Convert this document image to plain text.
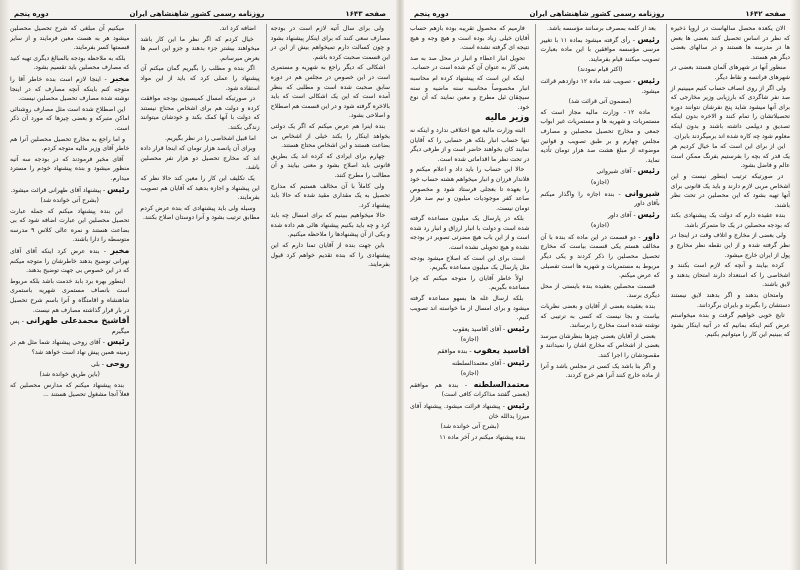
صفحه ۱۶۴۳
روزنامه رسمی کشور شاهنشاهی ایران
دوره پنجم
ولی برای سال آتیه لازم است در بودجه مصارف سعی کنند که برای اینکار پیشنهاد بشود و چون کسالت دارم تمیخواهم بیش از این در این قسمت صحبت کرده باشم.
اشکالی که دیگر راجع به شهریه و مستمری است در این خصوص در مجلس هم در دوره سابق صحبت شده است و مطلبی که بنظر آمده است که این یک اشکالی است که باید بالاخره گرفته شود و در این قسمت هم اصطلاح و اصلاحی بشود.
بنده اینرا هم عرض میکنم که اگر یک دولتی بخواهد اینکار را بکند خیلی از اشخاص بی بضاعت هستند و این اشخاص محتاج هستند.
چهارم برای ایرادی که کرده اند یک بطریق قانونی باید اصلاح بشود و معنی بیایند و آن مطالب را مطرح کنند.
ولی کاملاً با آن مخالف هستیم که مدارج تحصیل به یک مقداری مقید شده که حالا باید پیشنهاد کرد.
حالا میخواهیم ببینیم که برای امسال چه باید کرد و چه باید بکنیم پیشنهاد هائی هم داده شده و یکی از آن پیشنهادها را ملاحظه میکنیم.
باین جهت بنده از آقایان تمنا دارم که این پیشنهادی را که بنده تقدیم خواهم کرد قبول بفرمایند.
اضافه کرد اند.
خیال کردم که اگر نظر ما این کار باشد میخواهند بیشتر جزء بدهند و جزو این اسم ها بعرض میرسانم.
اگر بنده و مطلب را بگیریم گمان میکنم آن پیشنهاد را عملی کرد که باید از این مواد استفاده شود.
در صورتیکه امسال کمیسیون بودجه موافقت کرده و دولت هم برای اشخاص محتاج نیستند که دولت با آنها کمک بکند و خودشان میتوانند زندگی بکنند.
اما قبیل اشخاصی را در نظر بگیریم.
وبرای آن پانصد هزار تومان که اینجا قرار داده اند که مخارج تحصیل دو هزار نفر محصلین باشد.
یک تکلیف این کار را معین کند حالا نظر که این پیشنهاد و اجازه بدهید که آقایان هم تصویب بفرمایند.
وسیله ولی باید پیشنهادی که بنده عرض کردم مطابق ترتیب بشود و آنرا دوستان اصلاح بکنند.
میکنیم آن مبلغی که شرح تحصیل محصلین میشود هر به هست معین فرمایند و از سایر قسمتها کسر بفرمایند.
بلکه به ملاحظه بودجه بالمبالغ دیگری تهیه کنید که مصارف محصلین باید تقسیم بشود.
مخبر - اینجا لازم است بنده خاطر آقا را متوجه کنم باینکه آنچه مصارف که در اینجا نوشته شده مصارف تحصیل محصلین نیست.
این اصطلاح شده است مثل مصارف روشنائی اماکن متبرکه و بعضی چیزها که مورد آن ذکر است.
و اما راجع به مخارج تحصیل محصلین آنرا هم خاطر آقای وزیر مالیه متوجه کردم.
آقای مخبر فرمودند که در بودجه سه آتیه منظور میشود و بنده پیشنهاد خودم را مسترد میدارم.
رئیس - پیشنهاد آقای طهرانی قرائت میشود.
(بشرح آتی خوانده شد)
این بنده پیشنهاد میکنم که جمله عبارت تحصیل محصلین این عبارت اضافه شود که بی بضاعت هستند و نمره عالی کلاس ۹ مدرسه متوسطه را دارا باشند.
مخبر - بنده عرض کرد اینکه آقای آقای تهرانی توضیح بدهند خاطرشان را متوجه میکنم که در این خصوص بی جهت توضیح بدهند.
اینطور بهره برد بابد خدمت باشد بلکه مربوط است بانصاف مستمری شهریه باستمری شاهنشاه و اقامتگاه و آنرا باسم شرح تحصیل در بار قرار گذاشته مصارف هم نیست.
آقاشیخ محمدعلی طهرانی - پس میگیرم
رئیس - آقای روحی پیشنهاد شما مثل هم در زمینه همین پیش نهاد است خواهد شد؟
روحی - بلی
(باین طریق خوانده شد)
بنده پیشنهاد میکنم که مدارس محصلین که فعلاً آنجا مشغول تحصیل هستند ...
صفحه ۱۶۴۲
روزنامه رسمی کشور شاهنشاهی ایران
دوره پنجم
الان یکعده محصل سالهاست در اروپا ذخیره که نظر در اساس تحصیل کنند بعضی ها بعض ها در مدرسه ها هستند و در سالهای بعضی دیگر هم هستند.
منظور آنها در شهرهای آلمان هستند بعضی در شهرهای فرانسه و نقاط دیگر.
ولی اگر از روی انصاف حساب کنیم میبینیم از صد نفر شاگردی که بارزیابی وزیر مخارجی که برای آنها میشود شاید پنج نفرشان نتوانند دوره تحصیلاتشان را تمام کنند و الاخره بدون اینکه تصدیق و دیپلمی داشته باشند و بدون اینکه معلوم شود چه کاره شده اند برمیگردند بایران.
این از برای این است که ما خیال کردیم هر یک قدر که بچه را بفرستیم بفرنگ ممکن است عالم و فاضل بشود.
در صورتیکه ترتیب اینطور نیست و این اشخاص مربی لازم دارند و باید یک قانونی برای آنها تهیه بشود که این محصلین در تحت نظر باشند.
بنده عقیده دارم که دولت یک پیشنهادی بکند که بودجه محصلین در یک جا متمرکز باشد.
ولی بعضی از مخارج و اتلاف وقت در اینجا در نظر گرفته شده و از این نقطه نظر مخارج و پول از ایران خارج میشود.
کرده بیایند و آنچه که لازم است بکنند و اشخاصی را که استعداد دارند امتحان بدهند و لایق باشند.
وامتحان بدهند و اگر بدهند لایق نیستند دستشان را بگیرند و بایران برگردانند.
تایج خوبی خواهیم گرفت و بنده میخواستم عرض کنم اینکه بمانیم که در آتیه اینکار بشود که ببینیم این کار را میتوانیم بکنیم.
بعد از کلمه بمصرف برسانند مؤسسه باشد.
رئیس - رأی گرفته میشود بماده ۱۱ با تغییر مرسی مؤسسه موافقین با این ماده بعبارت تصویب میکنند قیام بفرمایند.
(اکثر قیام نمودند)
رئیس - تصویب شد ماده ۱۲ دوازدهم قرائت میشود.
(مضمون آتی قرائت شد)
ماده ۱۲ - وزارت مالیه مجاز است که مستمریات و شهریه ها و مستمریات غیر ابواب جمعی و مخارج تحصیل محصلین و مصارف مجلس چهارم و بر طبق تصویب و قوانین موضوعه از مبلغ هشت صد هزار تومان تأدیه نماید.
رئیس - آقای شیروانی
(اجازه)
شیروانی - بنده اجازه را واگذار میکنم بآقای داور
رئیس - آقای داور
(اجازه)
داور - دو قسمت در این ماده که بنده با آن مخالف هستم یکی قسمت بیاست که مخارج تحصیل محصلین را ذکر کردند و یکی دیگر مربوط به مستمریات و شهریه ها است تفصیلی که عرض میکنم.
قسمت محصلین بعقیده بنده بایستی از محل دیگری برسد.
بنده بعقیده بعضی از آقایان و بعضی نظریات بیاست و بجا نیست که کسی به ترتیبی که نوشته شده است مخارج را برسانند.
بعضی از آقایان بعضی چیزها بنظرشان میرسد بعضی از اشخاص که مخارج اشان را نمیدانند و مقصودشان را اجرا کنند.
و اگر بنا باشد یک کسی در مجلس باشد و آنرا از ماده خارج کنند آنرا هم خرج کردند.
فارمیم که محصول تقریبه بوده بازهم حساب آقایان خیلی زیاد بوده است و هیچ وجه و هیچ نتیجه ای گرفته نشده است.
تحویل انبار اعطاء و انبار در محل صد به صد یعنی کار به عنوان آن کم شده است در حساب.
اینکه این است که پیشنهاد کرده ام محاسبه انبار مخصوصاً محاسبه سنه ماضیه و سنه سیچقان ئیل مطرح و معین نمایند که آن نوع خود.
وزیر مالیه
البته وزارت مالیه هیچ اختلافی ندارد و اینکه نه تنها حساب انبار بلکه هر حسابی را که آقایان نمایند کان بخواهند حاضر است و از طرفی دیگر در تحت نظر ما اقداماتی شده است.
حالا این حساب را باید داد و اعلام میکنم و فلاندار فرزان و انبار میخواهم هشته حساب خود را بعهده تا بعجلی فرستاد شود و مخصوص صاعد کفر موجودیات میلیون و نیم صد هزار تومان نیست.
بلکه در پارسال یک میلیون مساعده گرفته شده است و دولت با انبار ارزاق و انبار رد شده است و از این باب هیچ مضرتی تصویر در بودجه نشده و هیچ تحویلی نشده است.
است برای این است که اصلاح میشود بودجه مثل پارسال یک میلیون مساعده بگیریم.
اولاً خاطر آقایان را متوجه میکنم که چرا مساعده بگیریم.
بلکه ارسال غله ها بسهو مساعده گرفته میشود و برای امسال از ما خواسته اند تصویب کنیم.
رئیس - آقای آقاسید یعقوب
(اجازه)
آقاسید یعقوب - بنده موافقم
رئیس - آقای معتمدالسلطنه
(اجازه)
معتمدالسلطنه - بنده هم موافقم (بعضی گفتند مذاکرات کافی است)
رئیس - پیشنهاد قرائت میشود. پیشنهاد آقای میرزا یدالله خان
(بشرح آتی خوانده شد)
بنده پیشنهاد میکنم در آخر ماده ۱۱
